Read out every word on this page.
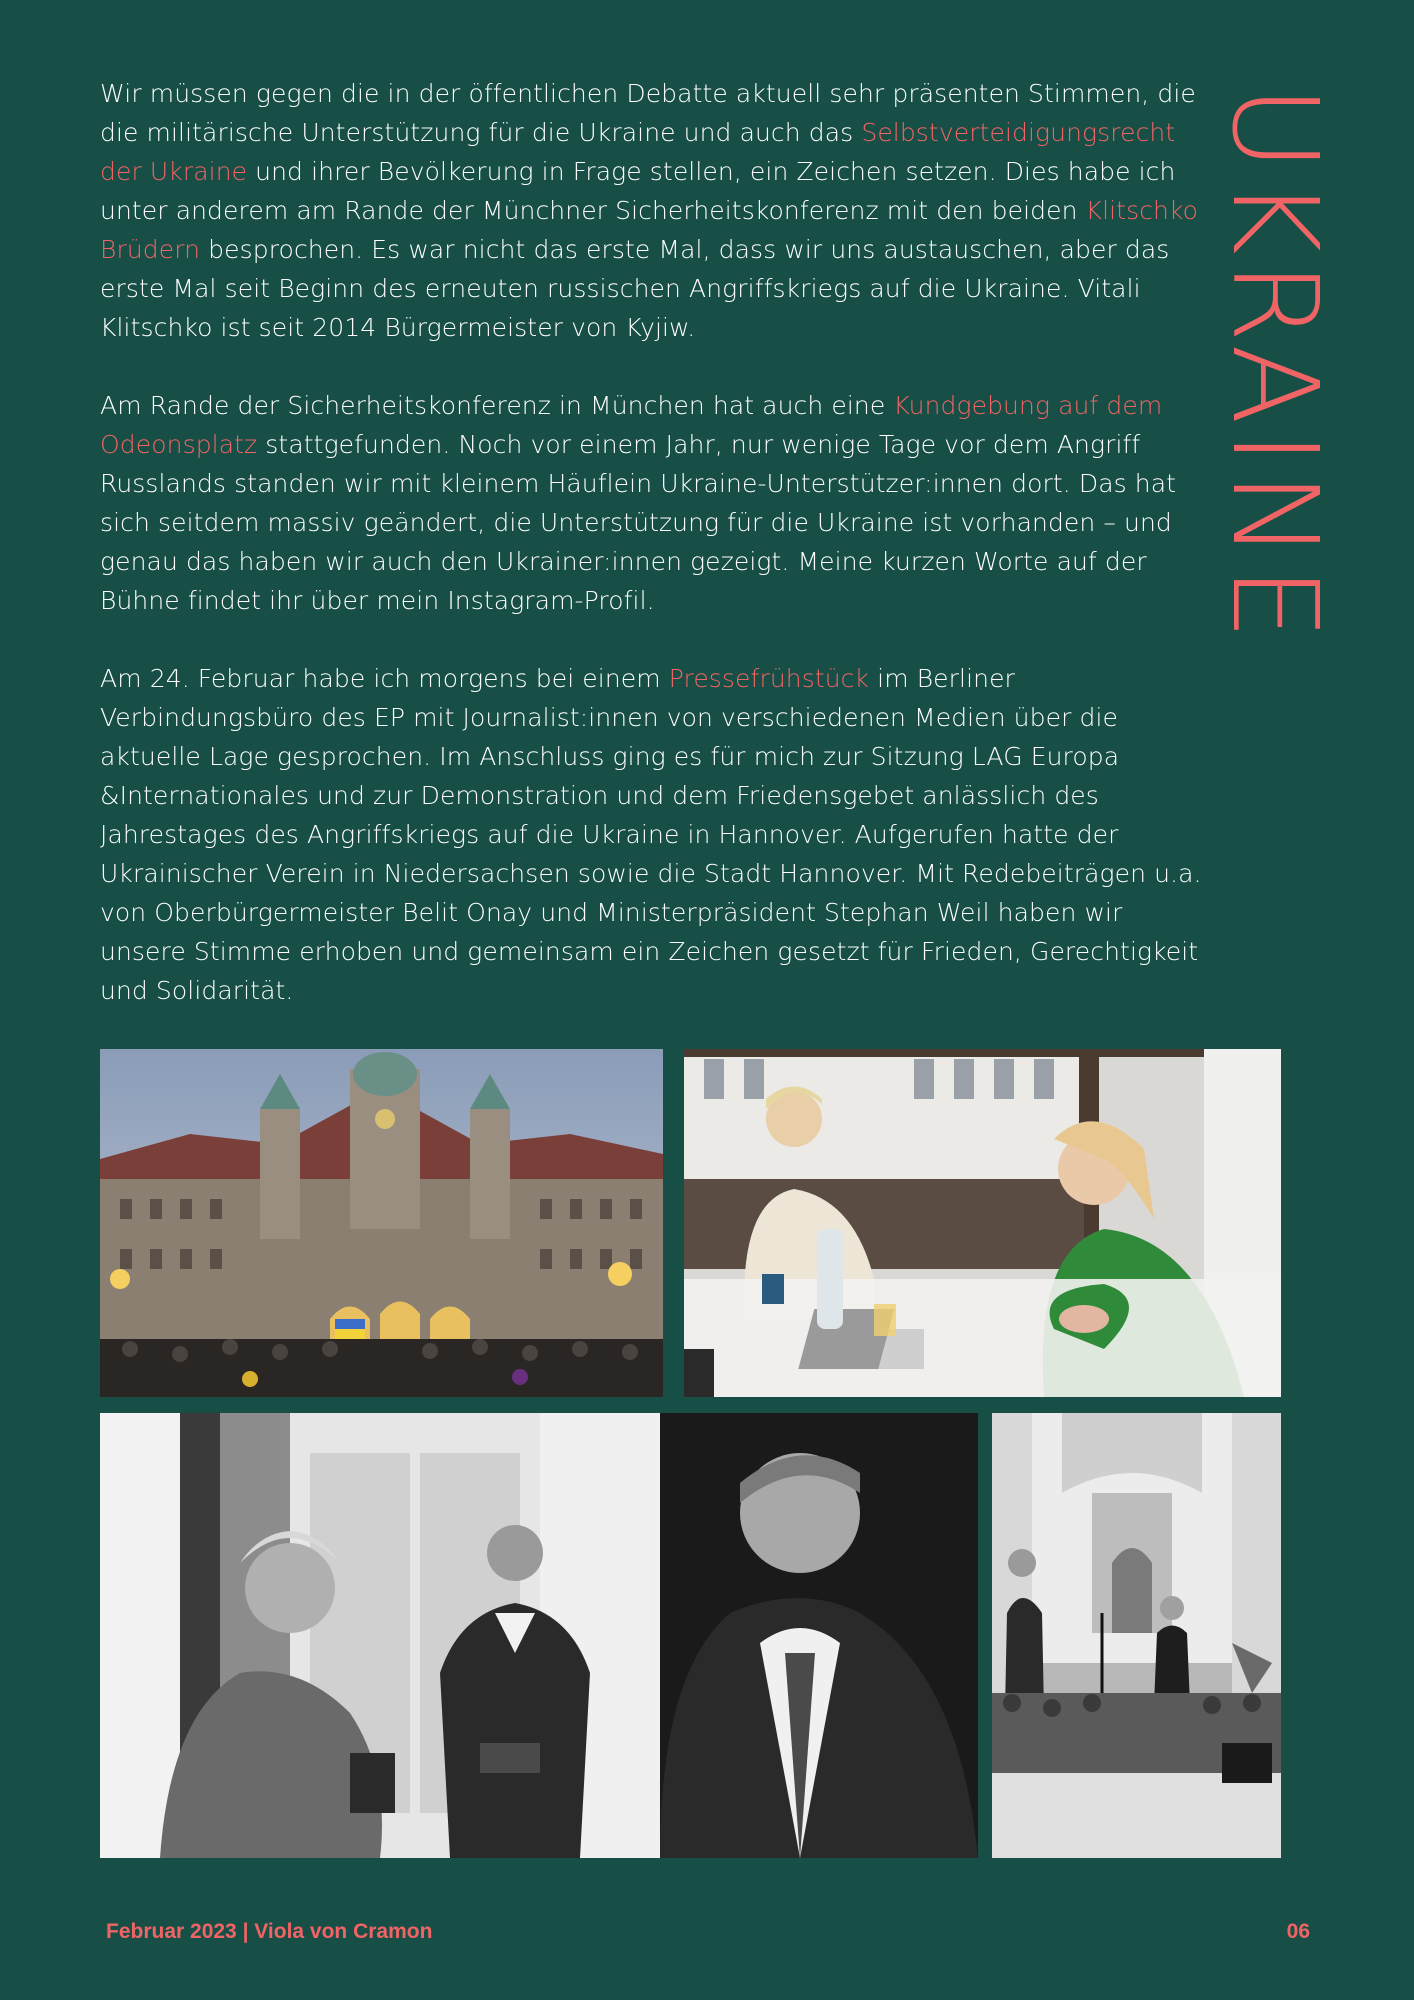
UKRAINE

Wir müssen gegen die in der öffentlichen Debatte aktuell sehr präsenten Stimmen, die die militärische Unterstützung für die Ukraine und auch das Selbstverteidigungsrecht der Ukraine und ihrer Bevölkerung in Frage stellen, ein Zeichen setzen. Dies habe ich unter anderem am Rande der Münchner Sicherheitskonferenz mit den beiden Klitschko Brüdern besprochen. Es war nicht das erste Mal, dass wir uns austauschen, aber das erste Mal seit Beginn des erneuten russischen Angriffskriegs auf die Ukraine. Vitali Klitschko ist seit 2014 Bürgermeister von Kyjiw.

Am Rande der Sicherheitskonferenz in München hat auch eine Kundgebung auf dem Odeonsplatz stattgefunden. Noch vor einem Jahr, nur wenige Tage vor dem Angriff Russlands standen wir mit kleinem Häuflein Ukraine-Unterstützer:innen dort. Das hat sich seitdem massiv geändert, die Unterstützung für die Ukraine ist vorhanden – und genau das haben wir auch den Ukrainer:innen gezeigt. Meine kurzen Worte auf der Bühne findet ihr über mein Instagram-Profil.

Am 24. Februar habe ich morgens bei einem Pressefrühstück im Berliner Verbindungsbüro des EP mit Journalist:innen von verschiedenen Medien über die aktuelle Lage gesprochen. Im Anschluss ging es für mich zur Sitzung LAG Europa &Internationales und zur Demonstration und dem Friedensgebet anlässlich des Jahrestages des Angriffskriegs auf die Ukraine in Hannover. Aufgerufen hatte der Ukrainischer Verein in Niedersachsen sowie die Stadt Hannover. Mit Redebeiträgen u.a. von Oberbürgermeister Belit Onay und Ministerpräsident Stephan Weil haben wir unsere Stimme erhoben und gemeinsam ein Zeichen gesetzt für Frieden, Gerechtigkeit und Solidarität.

Februar 2023 | Viola von Cramon	06
